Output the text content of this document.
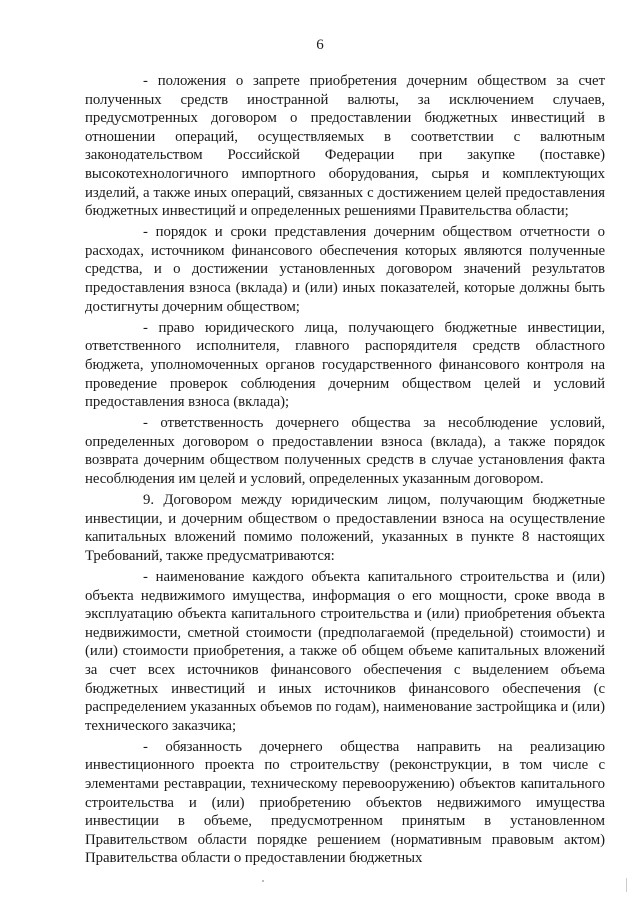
6

- положения о запрете приобретения дочерним обществом за счет полученных средств иностранной валюты, за исключением случаев, предусмотренных договором о предоставлении бюджетных инвестиций в отношении операций, осуществляемых в соответствии с валютным законодательством Российской Федерации при закупке (поставке) высокотехнологичного импортного оборудования, сырья и комплектующих изделий, а также иных операций, связанных с достижением целей предоставления бюджетных инвестиций и определенных решениями Правительства области;

- порядок и сроки представления дочерним обществом отчетности о расходах, источником финансового обеспечения которых являются полученные средства, и о достижении установленных договором значений результатов предоставления взноса (вклада) и (или) иных показателей, которые должны быть достигнуты дочерним обществом;

- право юридического лица, получающего бюджетные инвестиции, ответственного исполнителя, главного распорядителя средств областного бюджета, уполномоченных органов государственного финансового контроля на проведение проверок соблюдения дочерним обществом целей и условий предоставления взноса (вклада);

- ответственность дочернего общества за несоблюдение условий, определенных договором о предоставлении взноса (вклада), а также порядок возврата дочерним обществом полученных средств в случае установления факта несоблюдения им целей и условий, определенных указанным договором.

9. Договором между юридическим лицом, получающим бюджетные инвестиции, и дочерним обществом о предоставлении взноса на осуществление капитальных вложений помимо положений, указанных в пункте 8 настоящих Требований, также предусматриваются:

- наименование каждого объекта капитального строительства и (или) объекта недвижимого имущества, информация о его мощности, сроке ввода в эксплуатацию объекта капитального строительства и (или) приобретения объекта недвижимости, сметной стоимости (предполагаемой (предельной) стоимости) и (или) стоимости приобретения, а также об общем объеме капитальных вложений за счет всех источников финансового обеспечения с выделением объема бюджетных инвестиций и иных источников финансового обеспечения (с распределением указанных объемов по годам), наименование застройщика и (или) технического заказчика;

- обязанность дочернего общества направить на реализацию инвестиционного проекта по строительству (реконструкции, в том числе с элементами реставрации, техническому перевооружению) объектов капитального строительства и (или) приобретению объектов недвижимого имущества инвестиции в объеме, предусмотренном принятым в установленном Правительством области порядке решением (нормативным правовым актом) Правительства области о предоставлении бюджетных
